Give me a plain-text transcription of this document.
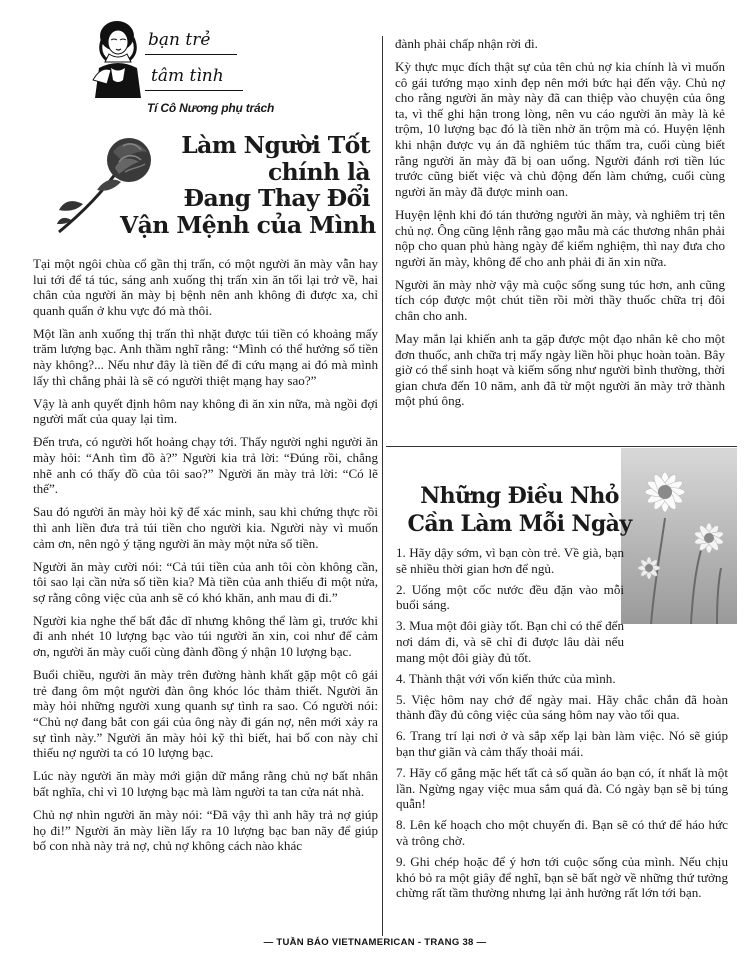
bạn trẻ
tâm tình
Tí Cô Nương phụ trách
Làm Người Tốt
chính là
Đang Thay Đổi
Vận Mệnh của Mình

Tại một ngôi chùa cổ gần thị trấn, có một người ăn mày vẫn hay lui tới để tá túc, sáng anh xuống thị trấn xin ăn tối lại trở về, hai chân của người ăn mày bị bệnh nên anh không đi được xa, chỉ quanh quẩn ở khu vực đó mà thôi.

Một lần anh xuống thị trấn thì nhặt được túi tiền có khoảng mấy trăm lượng bạc. Anh thầm nghĩ rằng: “Mình có thể hưởng số tiền này không?... Nếu như đây là tiền để đi cứu mạng ai đó mà mình lấy thì chẳng phải là sẽ có người thiệt mạng hay sao?”

Vậy là anh quyết định hôm nay không đi ăn xin nữa, mà ngồi đợi người mất của quay lại tìm.

Đến trưa, có người hốt hoảng chạy tới. Thấy người nghi người ăn mày hỏi: “Anh tìm đồ à?” Người kia trả lời: “Đúng rồi, chẳng nhẽ anh có thấy đồ của tôi sao?” Người ăn mày trả lời: “Có lẽ thế”.

Sau đó người ăn mày hỏi kỹ để xác minh, sau khi chứng thực rồi thì anh liền đưa trả túi tiền cho người kia. Người này vì muốn cảm ơn, nên ngỏ ý tặng người ăn mày một nửa số tiền.

Người ăn mày cười nói: “Cả túi tiền của anh tôi còn không cần, tôi sao lại cần nửa số tiền kia? Mà tiền của anh thiếu đi một nửa, sợ rằng công việc của anh sẽ có khó khăn, anh mau đi đi.”

Người kia nghe thế bất đắc dĩ nhưng không thể làm gì, trước khi đi anh nhét 10 lượng bạc vào túi người ăn xin, coi như để cảm ơn, người ăn mày cuối cùng đành đồng ý nhận 10 lượng bạc.

Buổi chiều, người ăn mày trên đường hành khất gặp một cô gái trẻ đang ôm một người đàn ông khóc lóc thảm thiết. Người ăn mày hỏi những người xung quanh sự tình ra sao. Có người nói: “Chủ nợ đang bắt con gái của ông này đi gán nợ, nên mới xảy ra sự tình này.” Người ăn mày hỏi kỹ thì biết, hai bố con này chỉ thiếu nợ người ta có 10 lượng bạc.

Lúc này người ăn mày mới giận dữ mắng rằng chủ nợ bất nhân bất nghĩa, chỉ vì 10 lượng bạc mà làm người ta tan cửa nát nhà.

Chủ nợ nhìn người ăn mày nói: “Đã vậy thì anh hãy trả nợ giúp họ đi!” Người ăn mày liền lấy ra 10 lượng bạc ban nãy để giúp bố con nhà này trả nợ, chủ nợ không cách nào khác

đành phải chấp nhận rời đi.

Kỳ thực mục đích thật sự của tên chủ nợ kia chính là vì muốn cô gái tướng mạo xinh đẹp nên mới bức hại đến vậy. Chủ nợ cho rằng người ăn mày này đã can thiệp vào chuyện của ông ta, vì thế ghi hận trong lòng, nên vu cáo người ăn mày là kẻ trộm, 10 lượng bạc đó là tiền nhờ ăn trộm mà có. Huyện lệnh khi nhận được vụ án đã nghiêm túc thẩm tra, cuối cùng biết rằng người ăn mày đã bị oan uổng. Người đánh rơi tiền lúc trước cũng biết việc và chủ động đến làm chứng, cuối cùng người ăn mày đã được minh oan.

Huyện lệnh khi đó tán thưởng người ăn mày, và nghiêm trị tên chủ nợ. Ông cũng lệnh rằng gạo mẫu mà các thương nhân phải nộp cho quan phủ hàng ngày để kiểm nghiệm, thì nay đưa cho người ăn mày, không để cho anh phải đi ăn xin nữa.

Người ăn mày nhờ vậy mà cuộc sống sung túc hơn, anh cũng tích cóp được một chút tiền rồi mời thầy thuốc chữa trị đôi chân cho anh.

May mắn lại khiến anh ta gặp được một đạo nhân kê cho một đơn thuốc, anh chữa trị mấy ngày liền hồi phục hoàn toàn. Bây giờ có thể sinh hoạt và kiếm sống như người bình thường, thời gian chưa đến 10 năm, anh đã từ một người ăn mày trở thành một phú ông.

Những Điều Nhỏ
Cần Làm Mỗi Ngày

1. Hãy dậy sớm, vì bạn còn trẻ. Về già, bạn sẽ nhiều thời gian hơn để ngủ.

2. Uống một cốc nước đều đặn vào mỗi buổi sáng.

3. Mua một đôi giày tốt. Bạn chỉ có thể đến nơi dám đi, và sẽ chỉ đi được lâu dài nếu mang một đôi giày đủ tốt.

4. Thành thật với vốn kiến thức của mình.

5. Việc hôm nay chớ để ngày mai. Hãy chắc chắn đã hoàn thành đầy đủ công việc của sáng hôm nay vào tối qua.

6. Trang trí lại nơi ở và sắp xếp lại bàn làm việc. Nó sẽ giúp bạn thư giãn và cảm thấy thoải mái.

7. Hãy cố gắng mặc hết tất cả số quần áo bạn có, ít nhất là một lần. Ngừng ngay việc mua sắm quá đà. Có ngày bạn sẽ bị túng quẫn!

8. Lên kế hoạch cho một chuyến đi. Bạn sẽ có thứ để háo hức và trông chờ.

9. Ghi chép hoặc để ý hơn tới cuộc sống của mình. Nếu chịu khó bỏ ra một giây để nghĩ, bạn sẽ bất ngờ về những thứ tưởng chừng rất tầm thường nhưng lại ảnh hưởng rất lớn tới bạn.

— TUẦN BÁO VIETNAMERICAN - TRANG 38 —
